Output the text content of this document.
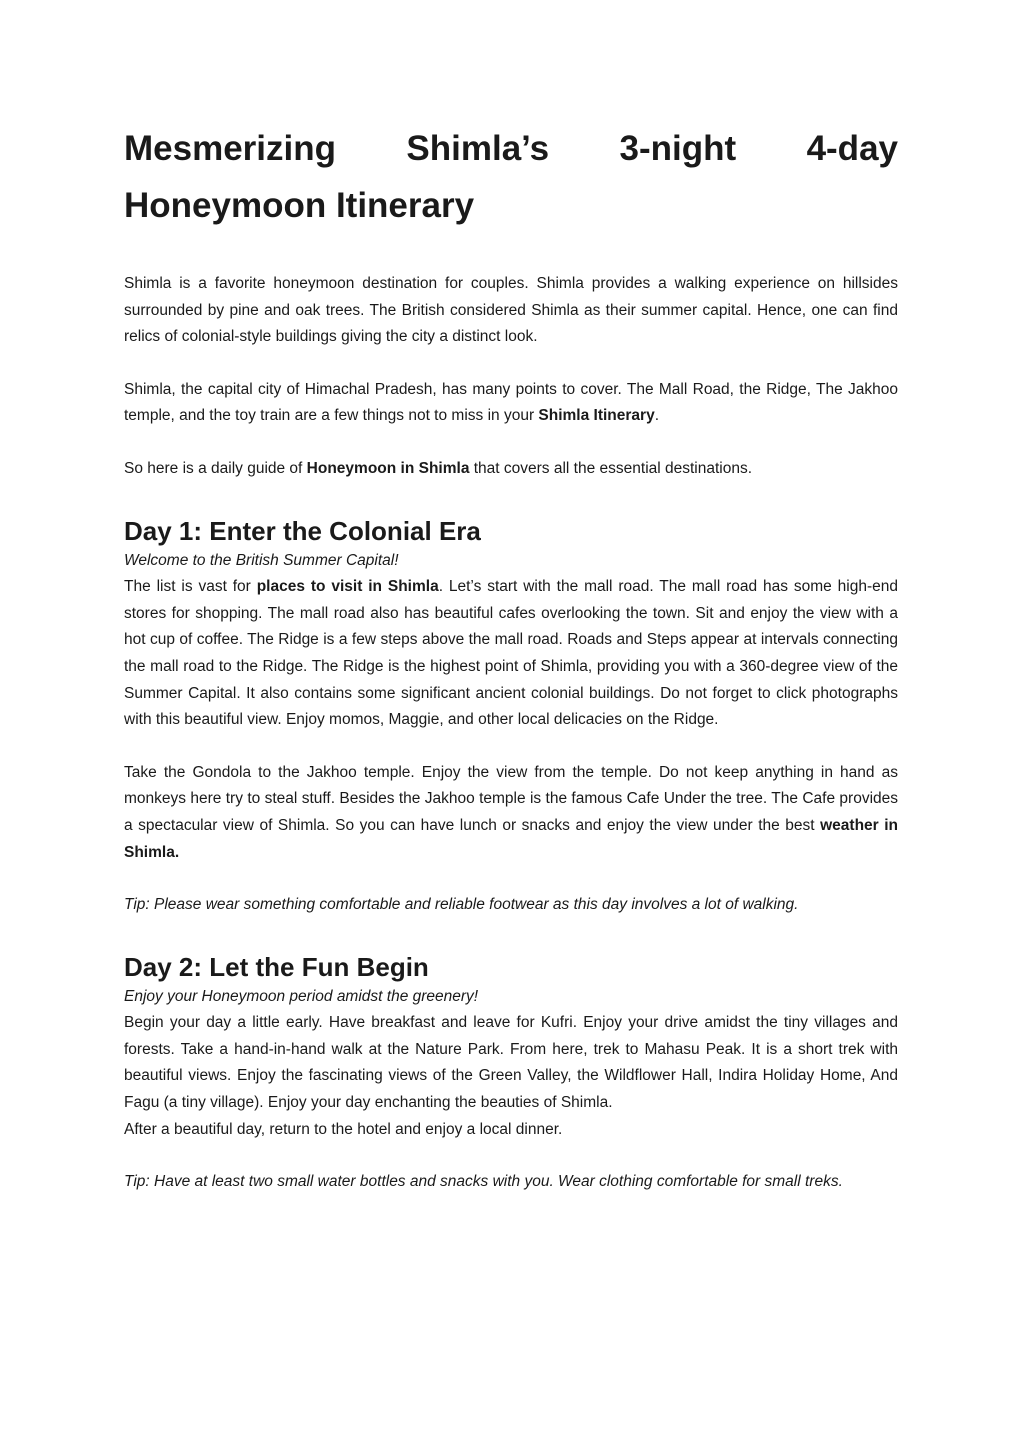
Mesmerizing Shimla’s 3-night 4-day
Honeymoon Itinerary

Shimla is a favorite honeymoon destination for couples. Shimla provides a walking experience on hillsides surrounded by pine and oak trees. The British considered Shimla as their summer capital. Hence, one can find relics of colonial-style buildings giving the city a distinct look.

Shimla, the capital city of Himachal Pradesh, has many points to cover. The Mall Road, the Ridge, The Jakhoo temple, and the toy train are a few things not to miss in your Shimla Itinerary.

So here is a daily guide of Honeymoon in Shimla that covers all the essential destinations.

Day 1: Enter the Colonial Era

Welcome to the British Summer Capital!

The list is vast for places to visit in Shimla. Let’s start with the mall road. The mall road has some high-end stores for shopping. The mall road also has beautiful cafes overlooking the town. Sit and enjoy the view with a hot cup of coffee. The Ridge is a few steps above the mall road. Roads and Steps appear at intervals connecting the mall road to the Ridge. The Ridge is the highest point of Shimla, providing you with a 360-degree view of the Summer Capital. It also contains some significant ancient colonial buildings. Do not forget to click photographs with this beautiful view. Enjoy momos, Maggie, and other local delicacies on the Ridge.

Take the Gondola to the Jakhoo temple. Enjoy the view from the temple. Do not keep anything in hand as monkeys here try to steal stuff. Besides the Jakhoo temple is the famous Cafe Under the tree. The Cafe provides a spectacular view of Shimla. So you can have lunch or snacks and enjoy the view under the best weather in Shimla.

Tip: Please wear something comfortable and reliable footwear as this day involves a lot of walking.

Day 2: Let the Fun Begin

Enjoy your Honeymoon period amidst the greenery!

Begin your day a little early. Have breakfast and leave for Kufri. Enjoy your drive amidst the tiny villages and forests. Take a hand-in-hand walk at the Nature Park. From here, trek to Mahasu Peak. It is a short trek with beautiful views. Enjoy the fascinating views of the Green Valley, the Wildflower Hall, Indira Holiday Home, And Fagu (a tiny village). Enjoy your day enchanting the beauties of Shimla.

After a beautiful day, return to the hotel and enjoy a local dinner.

Tip: Have at least two small water bottles and snacks with you. Wear clothing comfortable for small treks.
